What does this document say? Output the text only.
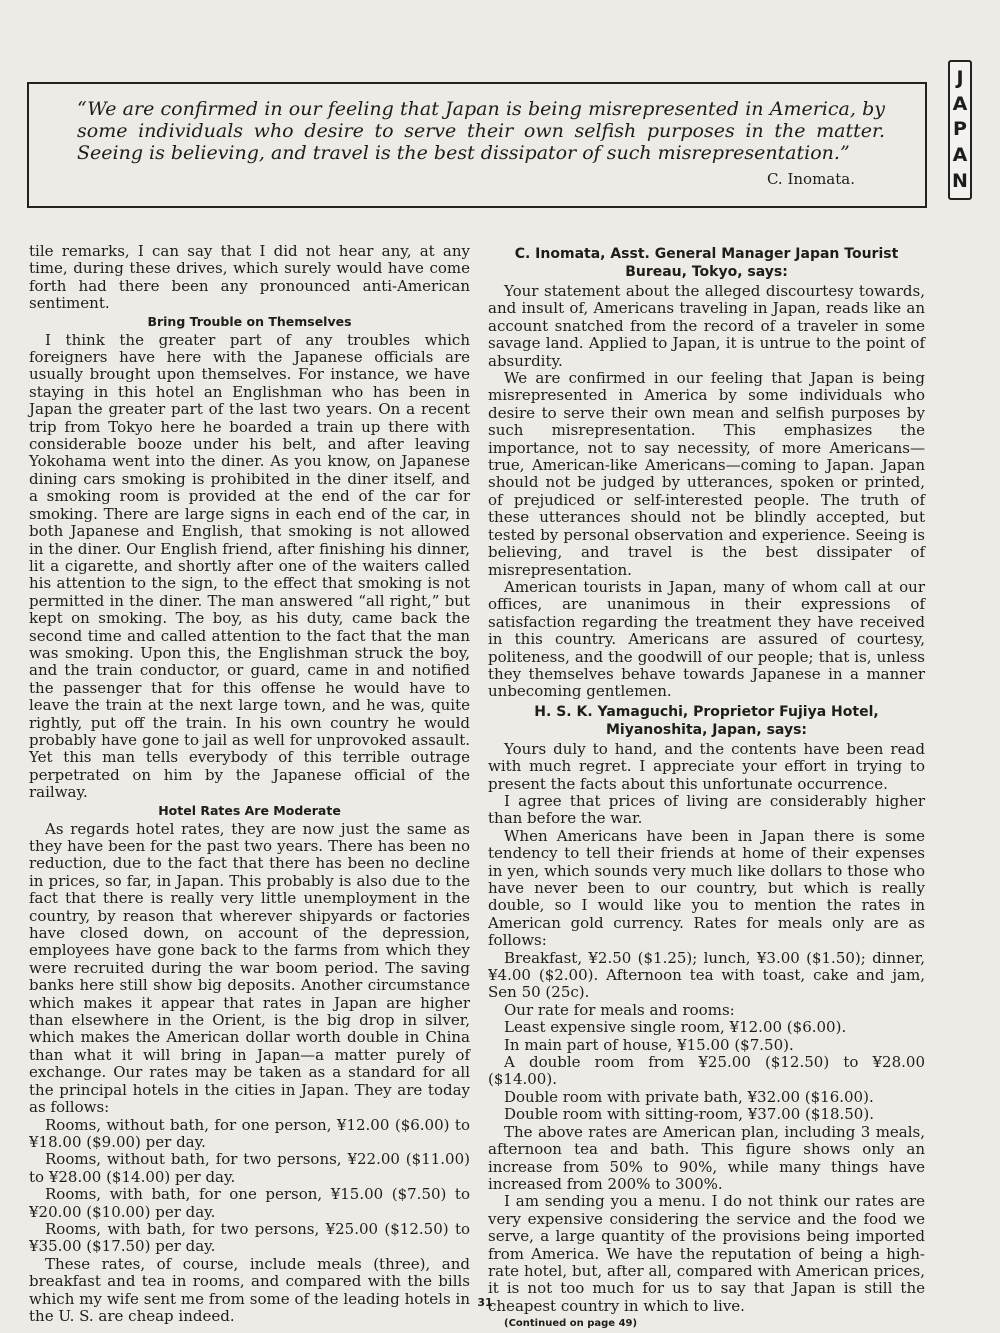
J
A
P
A
N

“We are confirmed in our feeling that Japan is being misrepresented in America, by some individuals who desire to serve their own selfish purposes in the matter. Seeing is believing, and travel is the best dissipator of such misrepresentation.”

C. Inomata.

tile remarks, I can say that I did not hear any, at any time, during these drives, which surely would have come forth had there been any pronounced anti-American sentiment.

Bring Trouble on Themselves

I think the greater part of any troubles which foreigners have here with the Japanese officials are usually brought upon themselves. For instance, we have staying in this hotel an Englishman who has been in Japan the greater part of the last two years. On a recent trip from Tokyo here he boarded a train up there with considerable booze under his belt, and after leaving Yokohama went into the diner. As you know, on Japanese dining cars smoking is prohibited in the diner itself, and a smoking room is provided at the end of the car for smoking. There are large signs in each end of the car, in both Japanese and English, that smoking is not allowed in the diner. Our English friend, after finishing his dinner, lit a cigarette, and shortly after one of the waiters called his attention to the sign, to the effect that smoking is not permitted in the diner. The man answered “all right,” but kept on smoking. The boy, as his duty, came back the second time and called attention to the fact that the man was smoking. Upon this, the Englishman struck the boy, and the train conductor, or guard, came in and notified the passenger that for this offense he would have to leave the train at the next large town, and he was, quite rightly, put off the train. In his own country he would probably have gone to jail as well for unprovoked assault. Yet this man tells everybody of this terrible outrage perpetrated on him by the Japanese official of the railway.

Hotel Rates Are Moderate

As regards hotel rates, they are now just the same as they have been for the past two years. There has been no reduction, due to the fact that there has been no decline in prices, so far, in Japan. This probably is also due to the fact that there is really very little unemployment in the country, by reason that wherever shipyards or factories have closed down, on account of the depression, employees have gone back to the farms from which they were recruited during the war boom period. The saving banks here still show big deposits. Another circumstance which makes it appear that rates in Japan are higher than elsewhere in the Orient, is the big drop in silver, which makes the American dollar worth double in China than what it will bring in Japan—a matter purely of exchange. Our rates may be taken as a standard for all the principal hotels in the cities in Japan. They are today as follows:

Rooms, without bath, for one person, ¥12.00 ($6.00) to ¥18.00 ($9.00) per day.

Rooms, without bath, for two persons, ¥22.00 ($11.00) to ¥28.00 ($14.00) per day.

Rooms, with bath, for one person, ¥15.00 ($7.50) to ¥20.00 ($10.00) per day.

Rooms, with bath, for two persons, ¥25.00 ($12.50) to ¥35.00 ($17.50) per day.

These rates, of course, include meals (three), and breakfast and tea in rooms, and compared with the bills which my wife sent me from some of the leading hotels in the U. S. are cheap indeed.

C. Inomata, Asst. General Manager Japan Tourist Bureau, Tokyo, says:

Your statement about the alleged discourtesy towards, and insult of, Americans traveling in Japan, reads like an account snatched from the record of a traveler in some savage land. Applied to Japan, it is untrue to the point of absurdity.

We are confirmed in our feeling that Japan is being misrepresented in America by some individuals who desire to serve their own mean and selfish purposes by such misrepresentation. This emphasizes the importance, not to say necessity, of more Americans—true, American-like Americans—coming to Japan. Japan should not be judged by utterances, spoken or printed, of prejudiced or self-interested people. The truth of these utterances should not be blindly accepted, but tested by personal observation and experience. Seeing is believing, and travel is the best dissipater of misrepresentation.

American tourists in Japan, many of whom call at our offices, are unanimous in their expressions of satisfaction regarding the treatment they have received in this country. Americans are assured of courtesy, politeness, and the goodwill of our people; that is, unless they themselves behave towards Japanese in a manner unbecoming gentlemen.

H. S. K. Yamaguchi, Proprietor Fujiya Hotel, Miyanoshita, Japan, says:

Yours duly to hand, and the contents have been read with much regret. I appreciate your effort in trying to present the facts about this unfortunate occurrence.

I agree that prices of living are considerably higher than before the war.

When Americans have been in Japan there is some tendency to tell their friends at home of their expenses in yen, which sounds very much like dollars to those who have never been to our country, but which is really double, so I would like you to mention the rates in American gold currency. Rates for meals only are as follows:

Breakfast, ¥2.50 ($1.25); lunch, ¥3.00 ($1.50); dinner, ¥4.00 ($2.00). Afternoon tea with toast, cake and jam, Sen 50 (25c).

Our rate for meals and rooms:

Least expensive single room, ¥12.00 ($6.00).

In main part of house, ¥15.00 ($7.50).

A double room from ¥25.00 ($12.50) to ¥28.00 ($14.00).

Double room with private bath, ¥32.00 ($16.00).

Double room with sitting-room, ¥37.00 ($18.50).

The above rates are American plan, including 3 meals, afternoon tea and bath. This figure shows only an increase from 50% to 90%, while many things have increased from 200% to 300%.

I am sending you a menu. I do not think our rates are very expensive considering the service and the food we serve, a large quantity of the provisions being imported from America. We have the reputation of being a high-rate hotel, but, after all, compared with American prices, it is not too much for us to say that Japan is still the cheapest country in which to live.

(Continued on page 49)

31
